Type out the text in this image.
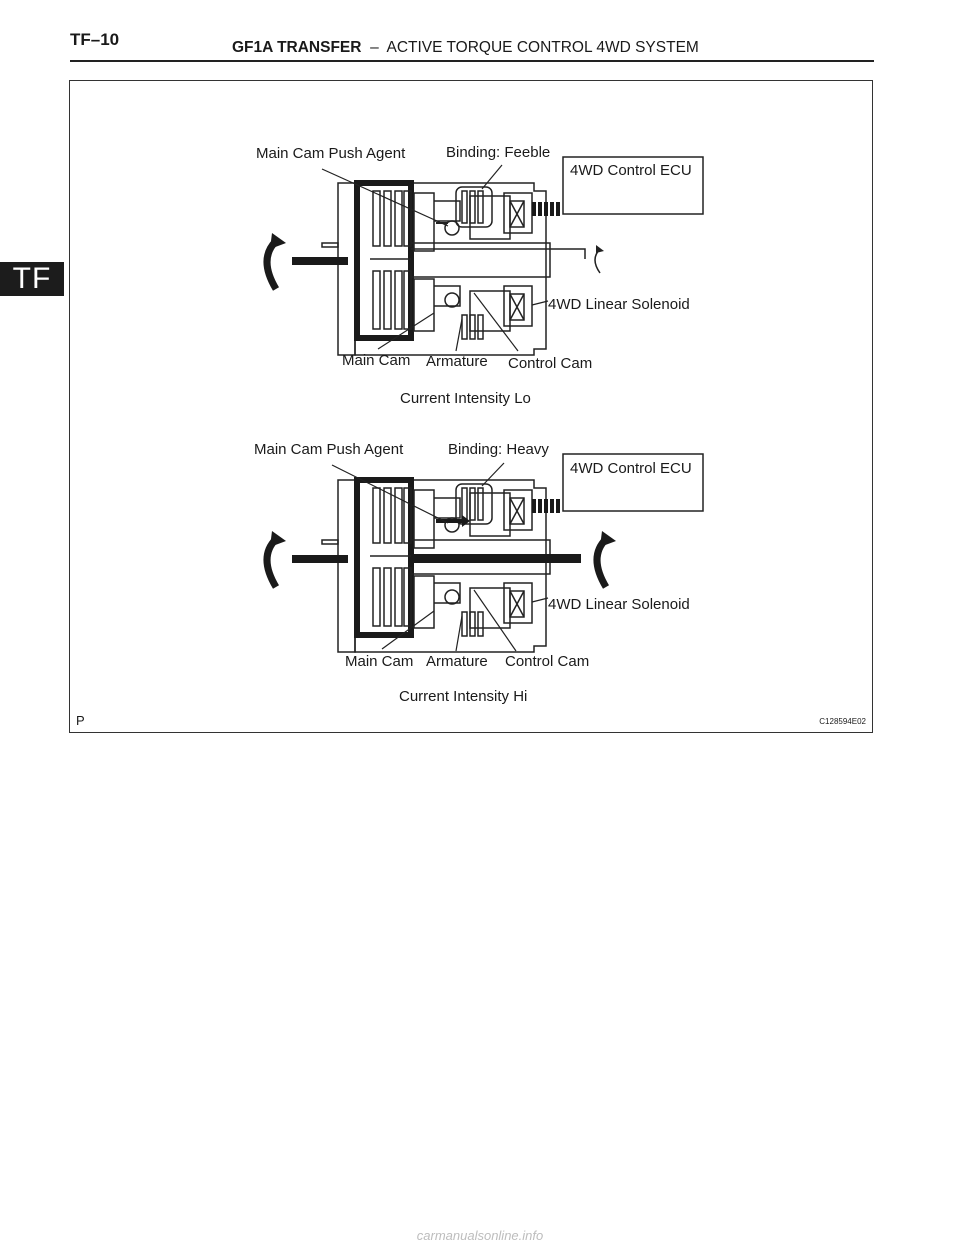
TF–10	GF1A TRANSFER – ACTIVE TORQUE CONTROL 4WD SYSTEM
TF
Main Cam Push Agent	Binding: Feeble
4WD Control ECU
4WD Linear Solenoid
Main Cam Armature Control Cam
Current Intensity Lo
Main Cam Push Agent	Binding: Heavy
4WD Control ECU
4WD Linear Solenoid
Main Cam Armature Control Cam
Current Intensity Hi
P	C128594E02
carmanualsonline.info
